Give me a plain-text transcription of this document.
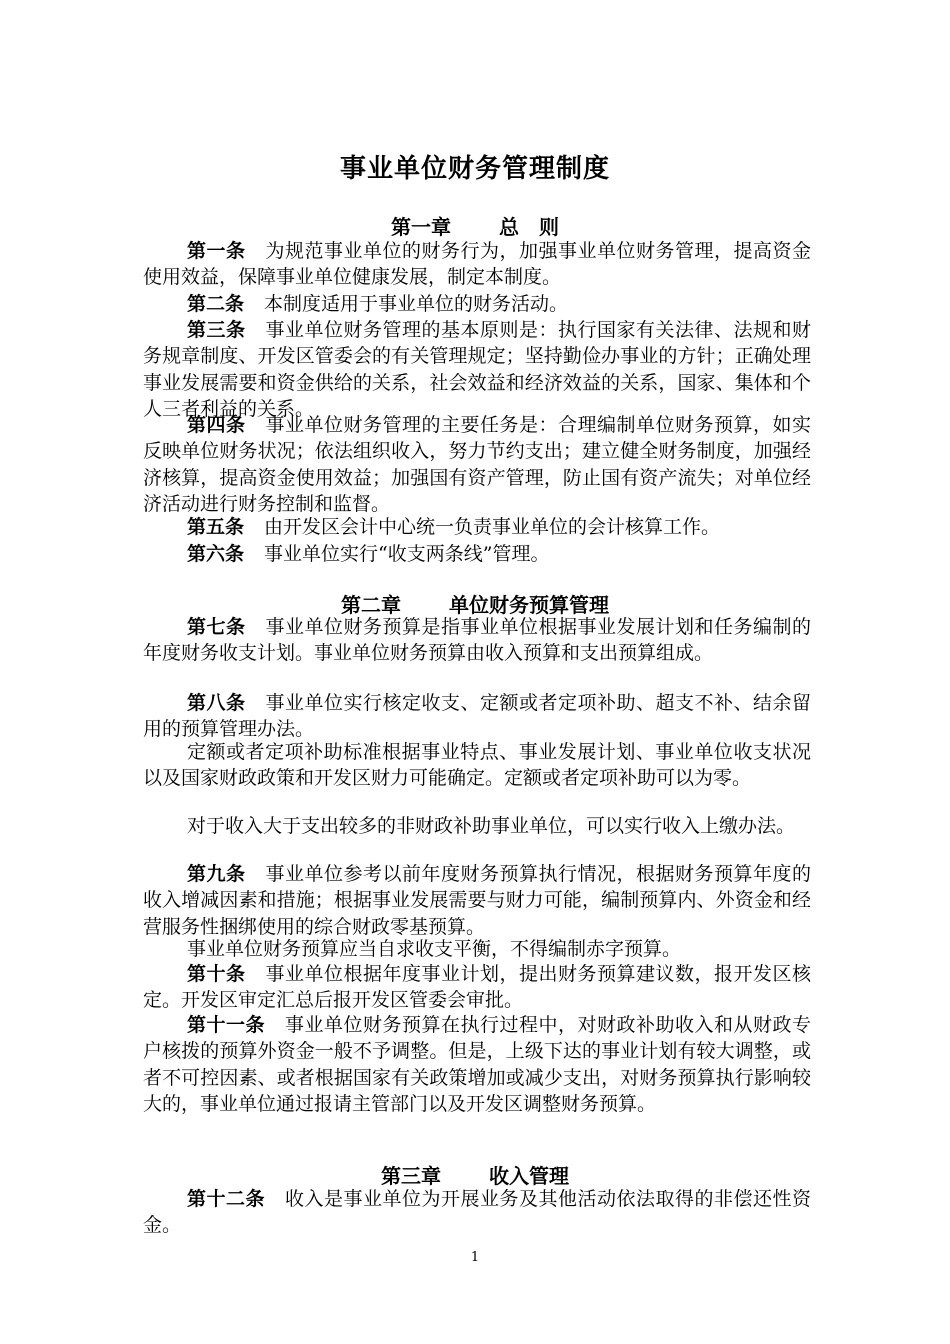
事业单位财务管理制度
第一章 总　则
第一条 为规范事业单位的财务行为，加强事业单位财务管理，提高资金使用效益，保障事业单位健康发展，制定本制度。
第二条 本制度适用于事业单位的财务活动。
第三条 事业单位财务管理的基本原则是：执行国家有关法律、法规和财务规章制度、开发区管委会的有关管理规定；坚持勤俭办事业的方针；正确处理事业发展需要和资金供给的关系，社会效益和经济效益的关系，国家、集体和个人三者利益的关系。
第四条 事业单位财务管理的主要任务是：合理编制单位财务预算，如实反映单位财务状况；依法组织收入，努力节约支出；建立健全财务制度，加强经济核算，提高资金使用效益；加强国有资产管理，防止国有资产流失；对单位经济活动进行财务控制和监督。
第五条 由开发区会计中心统一负责事业单位的会计核算工作。
第六条 事业单位实行“收支两条线”管理。
第二章 单位财务预算管理
第七条 事业单位财务预算是指事业单位根据事业发展计划和任务编制的年度财务收支计划。事业单位财务预算由收入预算和支出预算组成。
第八条 事业单位实行核定收支、定额或者定项补助、超支不补、结余留用的预算管理办法。
定额或者定项补助标准根据事业特点、事业发展计划、事业单位收支状况以及国家财政政策和开发区财力可能确定。定额或者定项补助可以为零。
对于收入大于支出较多的非财政补助事业单位，可以实行收入上缴办法。
第九条 事业单位参考以前年度财务预算执行情况，根据财务预算年度的收入增减因素和措施；根据事业发展需要与财力可能，编制预算内、外资金和经营服务性捆绑使用的综合财政零基预算。
事业单位财务预算应当自求收支平衡，不得编制赤字预算。
第十条 事业单位根据年度事业计划，提出财务预算建议数，报开发区核定。开发区审定汇总后报开发区管委会审批。
第十一条 事业单位财务预算在执行过程中，对财政补助收入和从财政专户核拨的预算外资金一般不予调整。但是，上级下达的事业计划有较大调整，或者不可控因素、或者根据国家有关政策增加或减少支出，对财务预算执行影响较大的，事业单位通过报请主管部门以及开发区调整财务预算。
第三章 收入管理
第十二条 收入是事业单位为开展业务及其他活动依法取得的非偿还性资金。
1
